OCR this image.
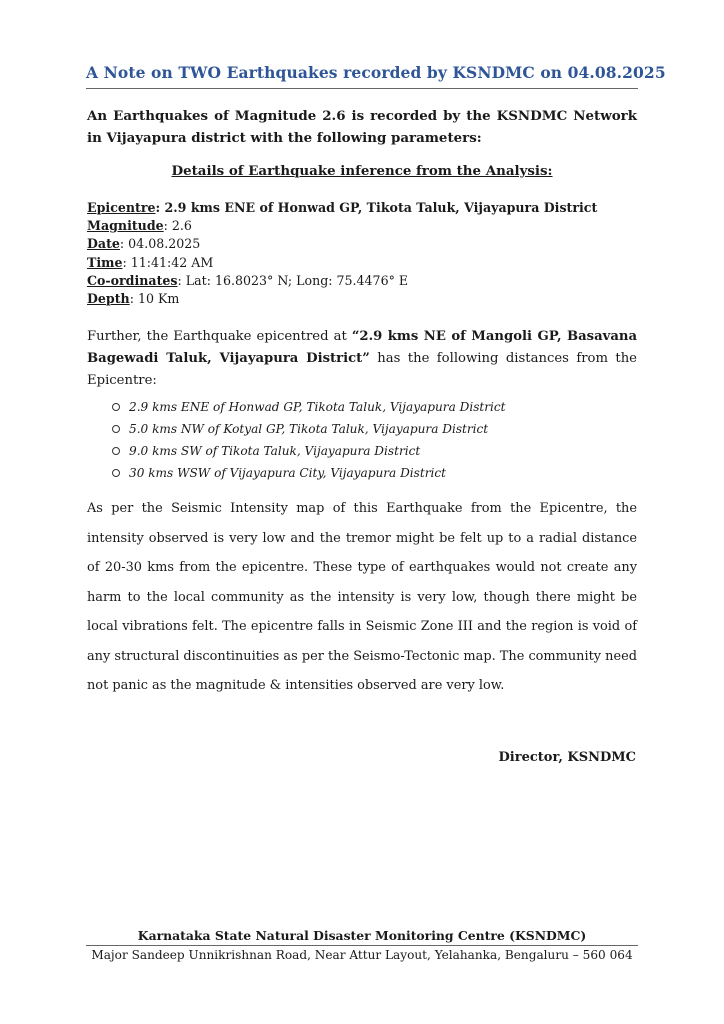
A Note on TWO Earthquakes recorded by KSNDMC on 04.08.2025
An Earthquakes of Magnitude 2.6 is recorded by the KSNDMC Network in Vijayapura district with the following parameters:
Details of Earthquake inference from the Analysis:
Epicentre: 2.9 kms ENE of Honwad GP, Tikota Taluk, Vijayapura District
Magnitude: 2.6
Date: 04.08.2025
Time: 11:41:42 AM
Co-ordinates: Lat: 16.8023° N; Long: 75.4476° E
Depth: 10 Km
Further, the Earthquake epicentred at “2.9 kms NE of Mangoli GP, Basavana Bagewadi Taluk, Vijayapura District” has the following distances from the Epicentre:
2.9 kms ENE of Honwad GP, Tikota Taluk, Vijayapura District
5.0 kms NW of Kotyal GP, Tikota Taluk, Vijayapura District
9.0 kms SW of Tikota Taluk, Vijayapura District
30 kms WSW of Vijayapura City, Vijayapura District
As per the Seismic Intensity map of this Earthquake from the Epicentre, the intensity observed is very low and the tremor might be felt up to a radial distance of 20-30 kms from the epicentre. These type of earthquakes would not create any harm to the local community as the intensity is very low, though there might be local vibrations felt. The epicentre falls in Seismic Zone III and the region is void of any structural discontinuities as per the Seismo-Tectonic map. The community need not panic as the magnitude & intensities observed are very low.
Director, KSNDMC
Karnataka State Natural Disaster Monitoring Centre (KSNDMC)
Major Sandeep Unnikrishnan Road, Near Attur Layout, Yelahanka, Bengaluru – 560 064
